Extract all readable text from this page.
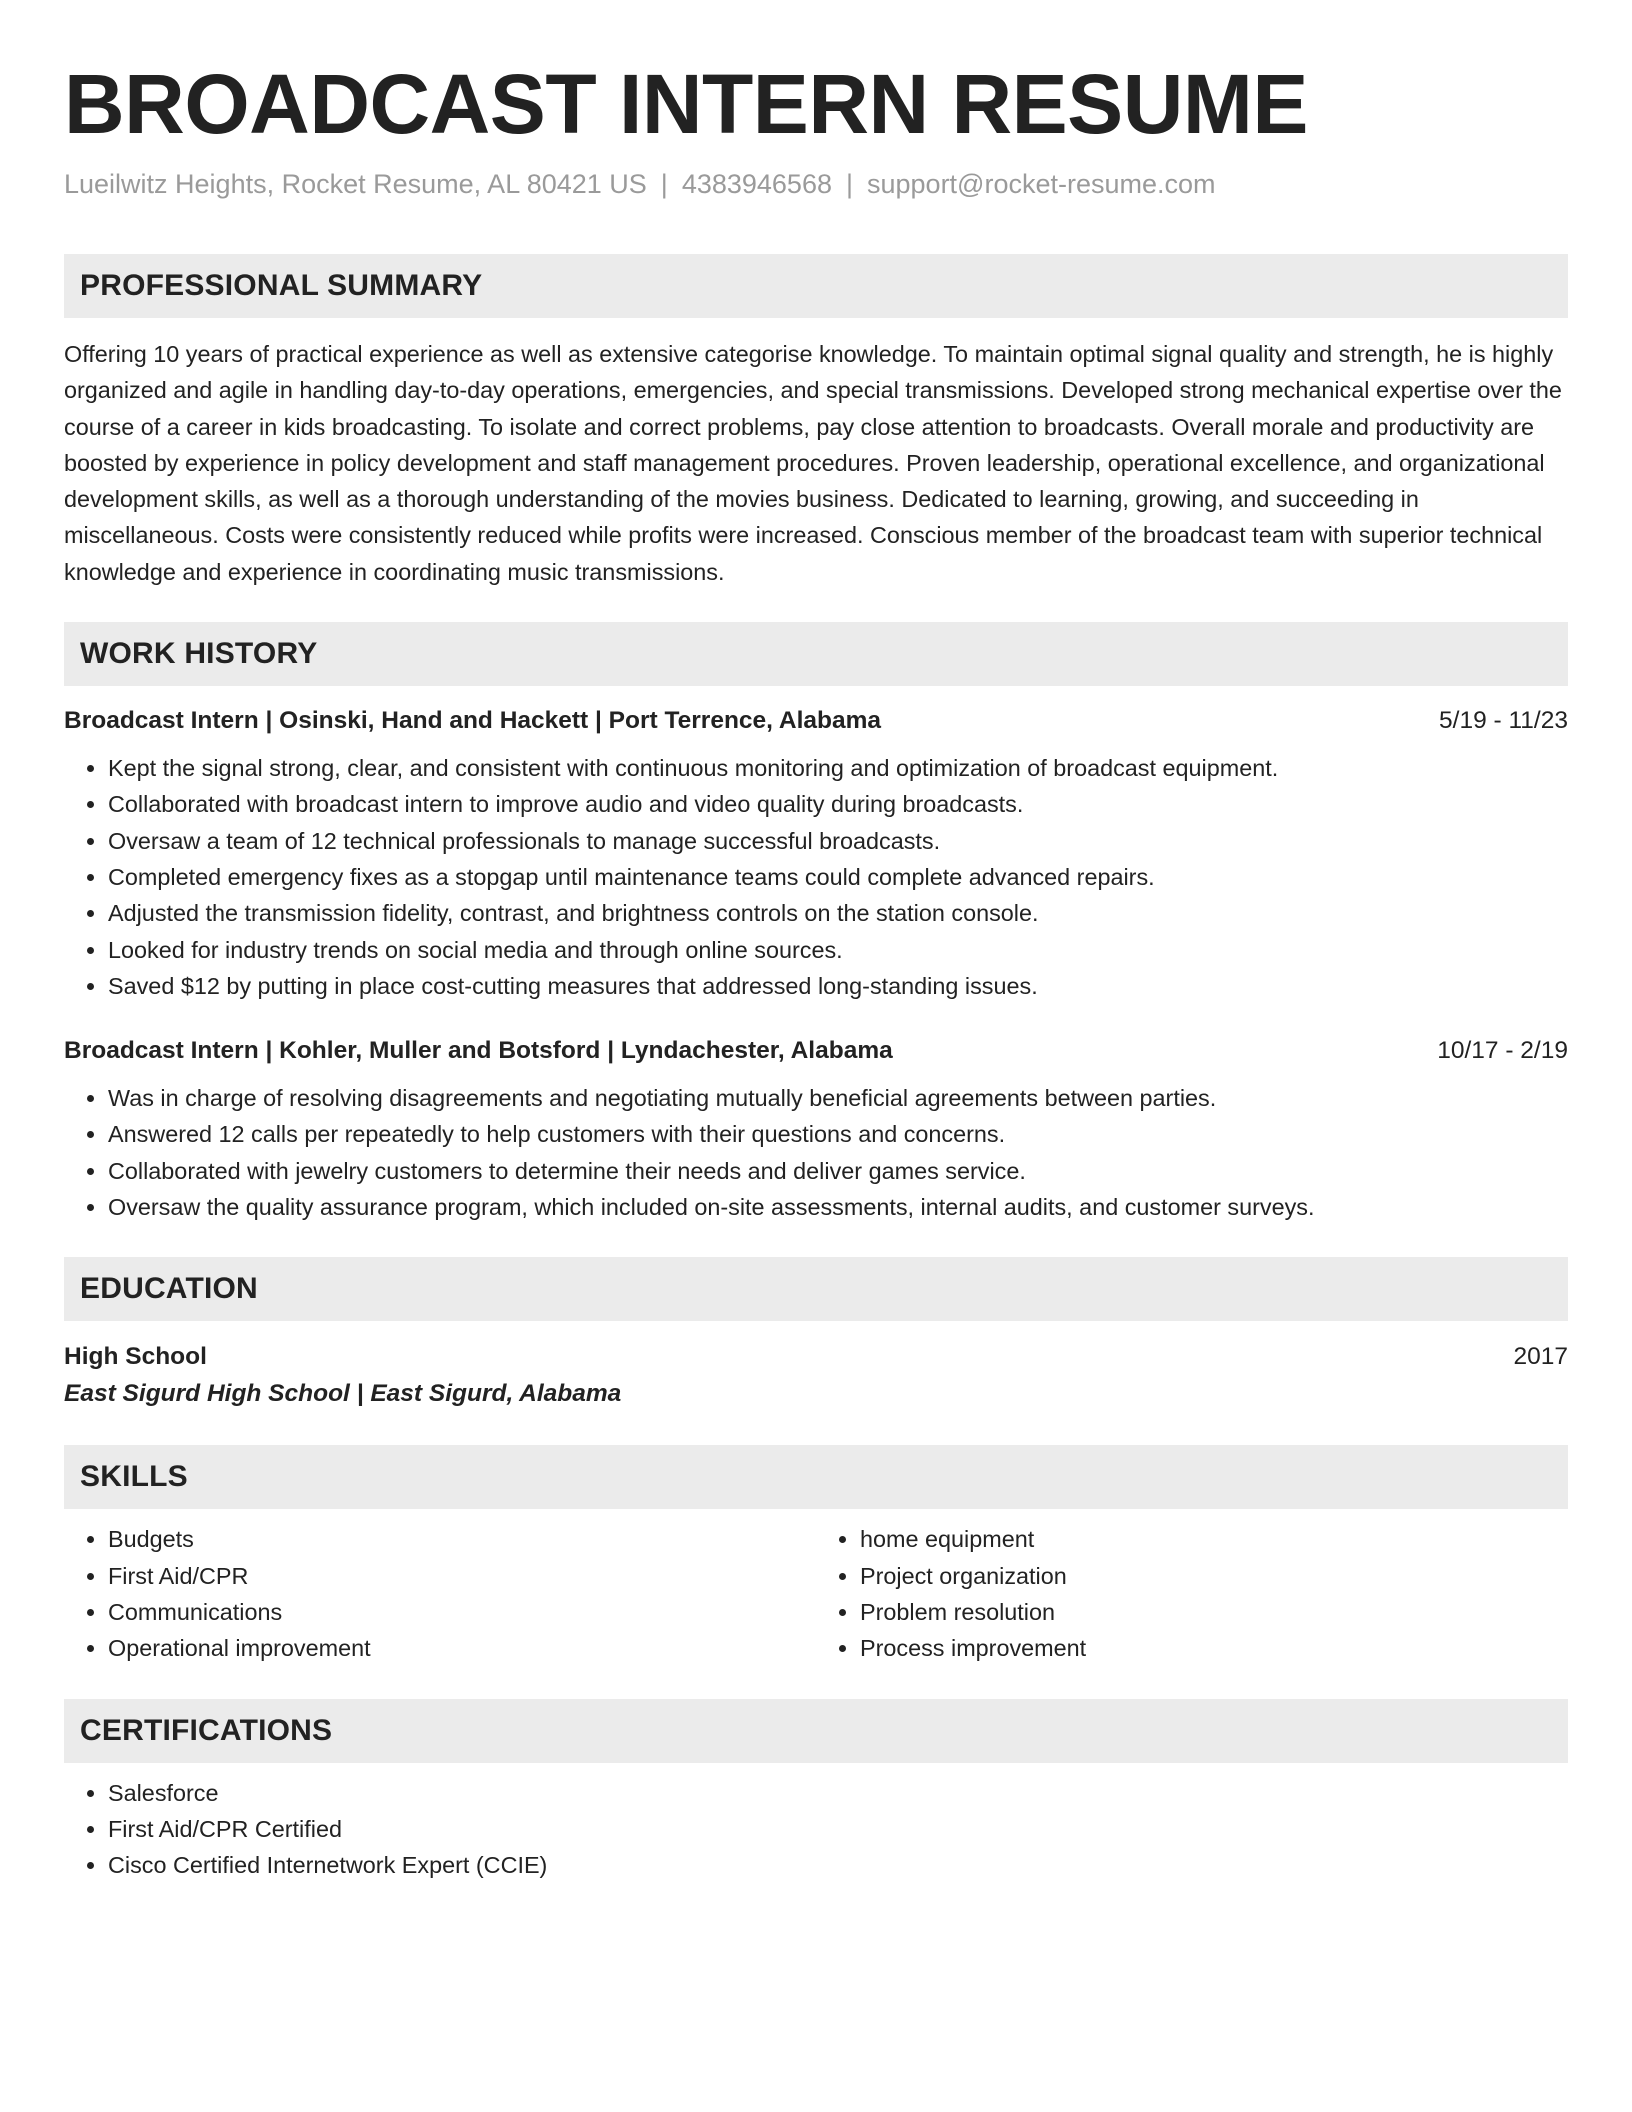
BROADCAST INTERN RESUME
Lueilwitz Heights, Rocket Resume, AL 80421 US | 4383946568 | support@rocket-resume.com
PROFESSIONAL SUMMARY
Offering 10 years of practical experience as well as extensive categorise knowledge. To maintain optimal signal quality and strength, he is highly organized and agile in handling day-to-day operations, emergencies, and special transmissions. Developed strong mechanical expertise over the course of a career in kids broadcasting. To isolate and correct problems, pay close attention to broadcasts. Overall morale and productivity are boosted by experience in policy development and staff management procedures. Proven leadership, operational excellence, and organizational development skills, as well as a thorough understanding of the movies business. Dedicated to learning, growing, and succeeding in miscellaneous. Costs were consistently reduced while profits were increased. Conscious member of the broadcast team with superior technical knowledge and experience in coordinating music transmissions.
WORK HISTORY
Broadcast Intern | Osinski, Hand and Hackett | Port Terrence, Alabama	5/19 - 11/23
• Kept the signal strong, clear, and consistent with continuous monitoring and optimization of broadcast equipment.
• Collaborated with broadcast intern to improve audio and video quality during broadcasts.
• Oversaw a team of 12 technical professionals to manage successful broadcasts.
• Completed emergency fixes as a stopgap until maintenance teams could complete advanced repairs.
• Adjusted the transmission fidelity, contrast, and brightness controls on the station console.
• Looked for industry trends on social media and through online sources.
• Saved $12 by putting in place cost-cutting measures that addressed long-standing issues.
Broadcast Intern | Kohler, Muller and Botsford | Lyndachester, Alabama	10/17 - 2/19
• Was in charge of resolving disagreements and negotiating mutually beneficial agreements between parties.
• Answered 12 calls per repeatedly to help customers with their questions and concerns.
• Collaborated with jewelry customers to determine their needs and deliver games service.
• Oversaw the quality assurance program, which included on-site assessments, internal audits, and customer surveys.
EDUCATION
High School	2017
East Sigurd High School | East Sigurd, Alabama
SKILLS
• Budgets
• First Aid/CPR
• Communications
• Operational improvement
• home equipment
• Project organization
• Problem resolution
• Process improvement
CERTIFICATIONS
• Salesforce
• First Aid/CPR Certified
• Cisco Certified Internetwork Expert (CCIE)
